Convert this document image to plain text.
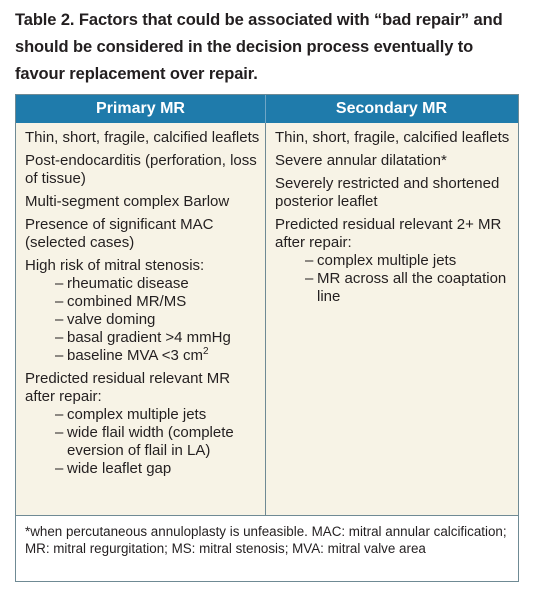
Table 2. Factors that could be associated with “bad repair” and should be considered in the decision process eventually to favour replacement over repair.
Primary MR	Secondary MR
Thin, short, fragile, calcified leaflets
Post-endocarditis (perforation, loss of tissue)
Multi-segment complex Barlow
Presence of significant MAC (selected cases)
High risk of mitral stenosis:
– rheumatic disease
– combined MR/MS
– valve doming
– basal gradient >4 mmHg
– baseline MVA <3 $cm^2$
Predicted residual relevant MR after repair:
– complex multiple jets
– wide flail width (complete eversion of flail in LA)
– wide leaflet gap
Thin, short, fragile, calcified leaflets
Severe annular dilatation*
Severely restricted and shortened posterior leaflet
Predicted residual relevant 2+ MR after repair:
– complex multiple jets
– MR across all the coaptation line
*when percutaneous annuloplasty is unfeasible. MAC: mitral annular calcification; MR: mitral regurgitation; MS: mitral stenosis; MVA: mitral valve area
